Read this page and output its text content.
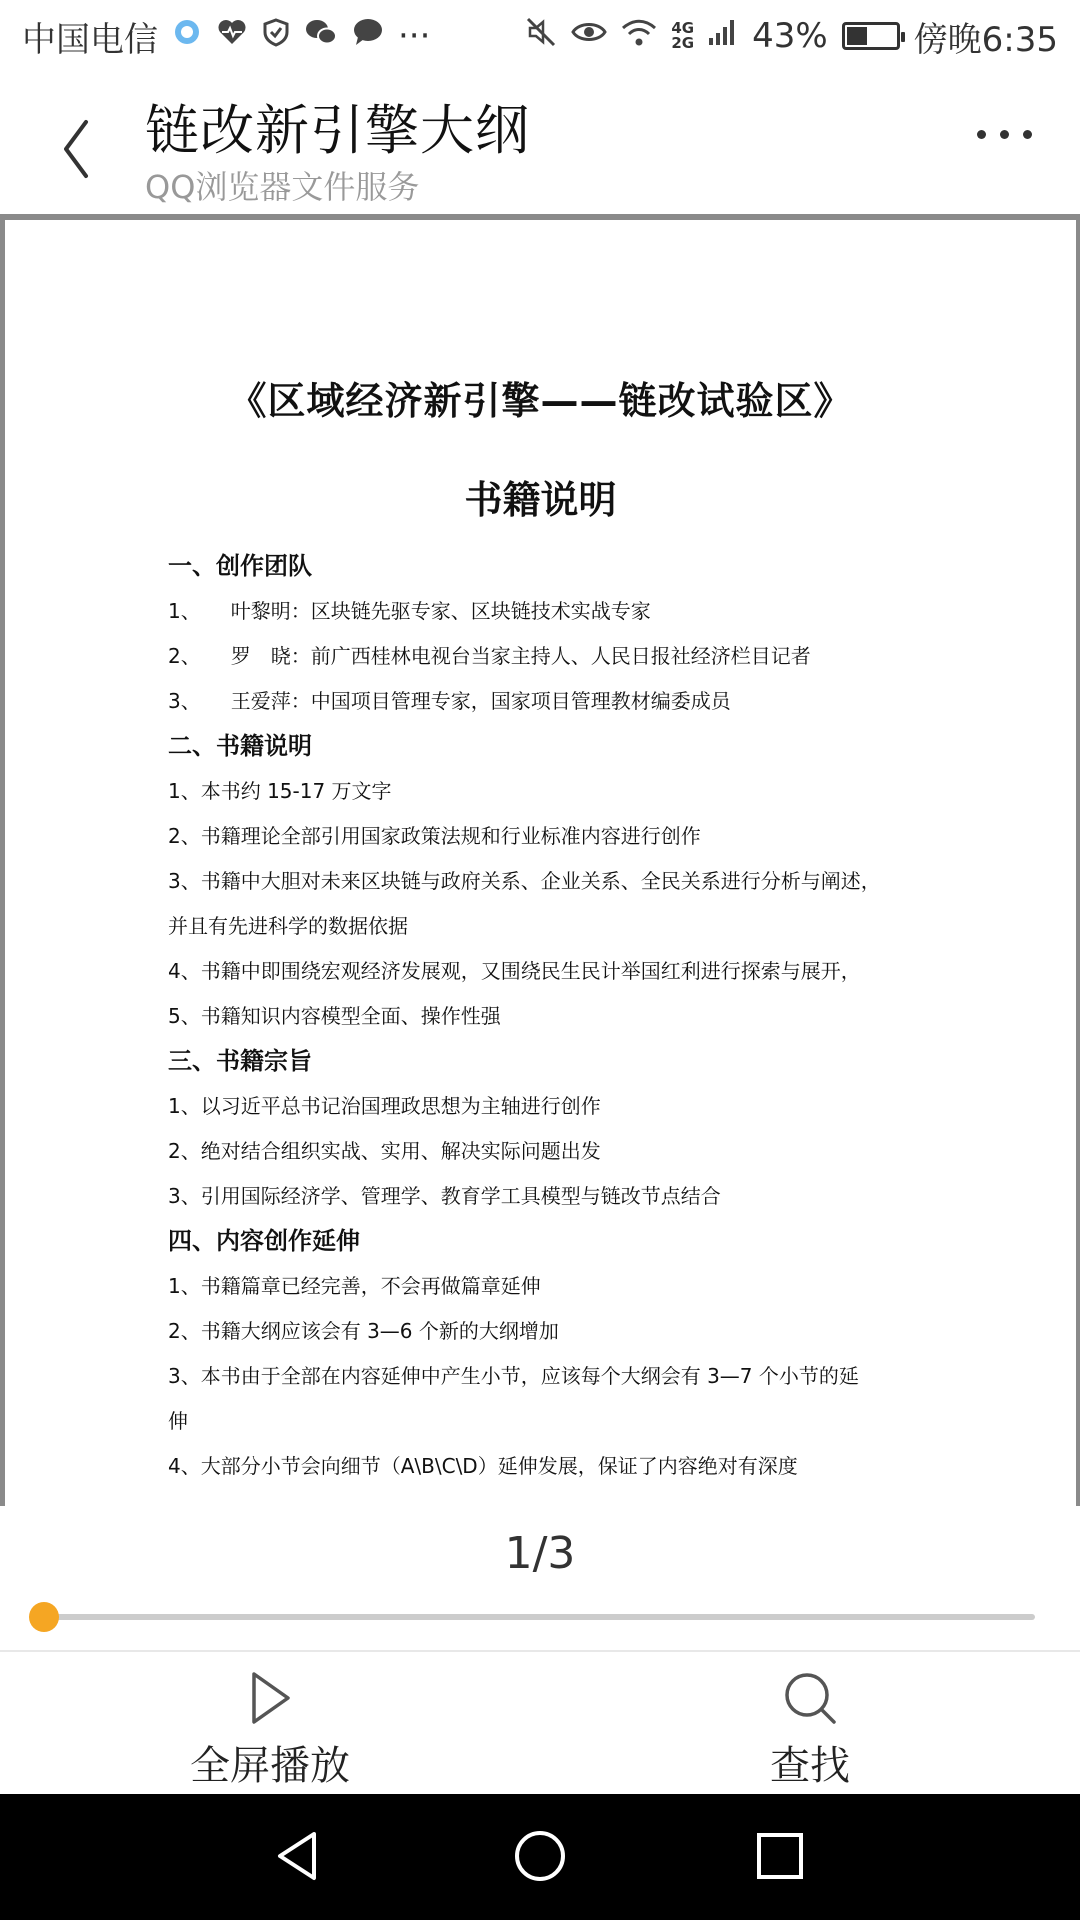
中国电信	···	4G
2G 43%	傍晚6:35
链改新引擎大纲
QQ浏览器文件服务
《区域经济新引擎——链改试验区》
书籍说明
一、创作团队
1、　　叶黎明：区块链先驱专家、区块链技术实战专家
2、　　罗　晓：前广西桂林电视台当家主持人、人民日报社经济栏目记者
3、　　王爱萍：中国项目管理专家，国家项目管理教材编委成员
二、书籍说明
1、本书约 15-17 万文字
2、书籍理论全部引用国家政策法规和行业标准内容进行创作
3、书籍中大胆对未来区块链与政府关系、企业关系、全民关系进行分析与阐述，
并且有先进科学的数据依据
4、书籍中即围绕宏观经济发展观，又围绕民生民计举国红利进行探索与展开，
5、书籍知识内容模型全面、操作性强
三、书籍宗旨
1、以习近平总书记治国理政思想为主轴进行创作
2、绝对结合组织实战、实用、解决实际问题出发
3、引用国际经济学、管理学、教育学工具模型与链改节点结合
四、内容创作延伸
1、书籍篇章已经完善，不会再做篇章延伸
2、书籍大纲应该会有 3—6 个新的大纲增加
3、本书由于全部在内容延伸中产生小节，应该每个大纲会有 3—7 个小节的延
伸
4、大部分小节会向细节（A\B\C\D）延伸发展，保证了内容绝对有深度
1/3
全屏播放	查找
